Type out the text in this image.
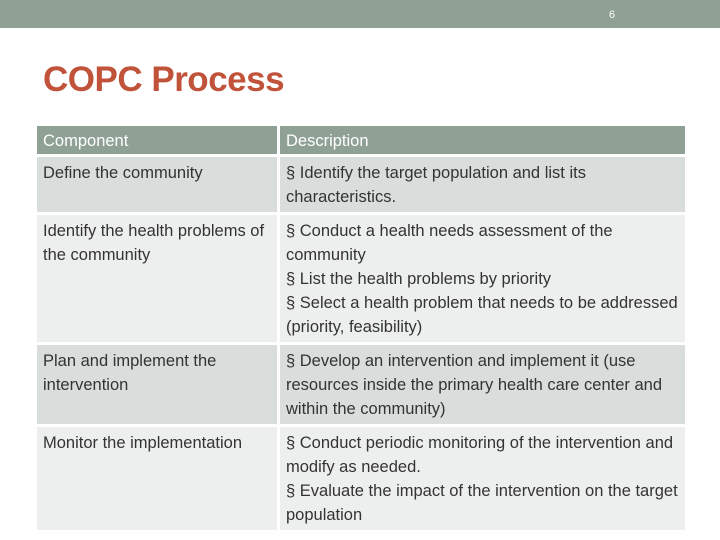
6
COPC Process
Component	Description
Define the community	§ Identify the target population and list its characteristics.

Identify the health problems of the community	§ Conduct a health needs assessment of the community
§ List the health problems by priority
§ Select a health problem that needs to be addressed (priority, feasibility)

Plan and implement the intervention	§ Develop an intervention and implement it (use resources inside the primary health care center and within the community)

Monitor the implementation	§ Conduct periodic monitoring of the intervention and modify as needed.
§ Evaluate the impact of the intervention on the target population
